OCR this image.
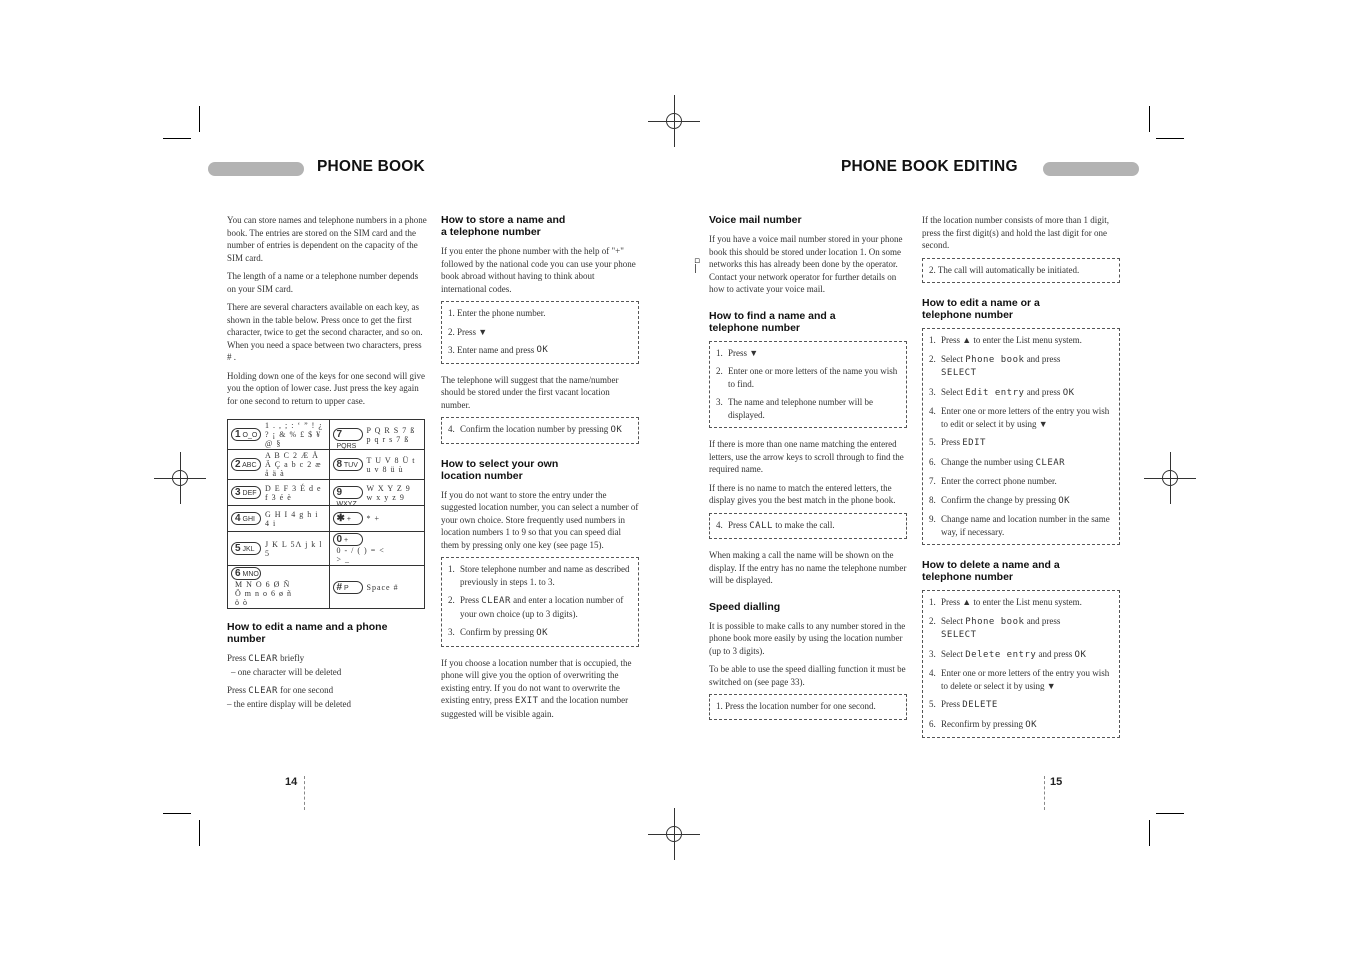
PHONE BOOK	PHONE BOOK EDITING

You can store names and telephone numbers in a phone book. The entries are stored on the SIM card and the number of entries is dependent on the capacity of the SIM card.

The length of a name or a telephone number depends on your SIM card.

There are several characters available on each key, as shown in the table below. Press once to get the first character, twice to get the second character, and so on. When you need a space between two characters, press # .

Holding down one of the keys for one second will give you the option of lower case. Just press the key again for one second to return to upper case.

1 O_O1 . , ; : ‘ ” ! ¿ ? ¡ & % £ $ ¥ @ §	7 PQRSP Q R S 7 ß p q r s 7 ß
2 ABCA B C 2 Æ Å Ä Ç a b c 2 æ å ä à	8 TUVT U V 8 Ü t u v 8 ü ù
3 DEFD E F 3 É d e f 3 é è	9 WXYZW X Y Z 9 w x y z 9
4 GHIG H I 4 g h i 4 i	✱ + * +
5 JKLJ K L 5Λ j k l 5	0 +0 - / ( ) = < > _
6 MNOM N O 6 Ø Ñ Ö m n o 6 ø ñ ö ò	# P Space #
How to edit a name and a phone number
Press CLEAR briefly
– one character will be deleted
Press CLEAR for one second
– the entire display will be deleted
How to store a name and a telephone number

If you enter the phone number with the help of "+" followed by the national code you can use your phone book abroad without having to think about international codes.

1. Enter the phone number.
2. Press ▼
3. Enter name and press
OK

The telephone will suggest that the name/number should be stored under the first vacant location number.

4. Confirm the location number by pressing OK
How to select your own location number

If you do not want to store the entry under the suggested location number, you can select a number of your own choice. Store frequently used numbers in location numbers 1 to 9 so that you can speed dial them by pressing only one key (see page 15).

1. Store telephone number and name as described previously in steps 1. to 3.
2. Press CLEAR and enter a location number of your own choice (up to 3 digits).
3. Confirm by pressing OK

If you choose a location number that is occupied, the phone will give you the option of overwriting the existing entry. If you do not want to overwrite the existing entry, press EXIT and the location number suggested will be visible again.

▫
|
Voice mail number

If you have a voice mail number stored in your phone book this should be stored under location 1. On some networks this has already been done by the operator. Contact your network operator for further details on how to activate your voice mail.

How to find a name and a telephone number
1. Press ▼
2. Enter one or more letters of the name you wish to find.
3. The name and telephone number will be displayed.

If there is more than one name matching the entered letters, use the arrow keys to scroll through to find the required name.

If there is no name to match the entered letters, the display gives you the best match in the phone book.

4. Press CALL to make the call.

When making a call the name will be shown on the display. If the entry has no name the telephone number will be displayed.

Speed dialling

It is possible to make calls to any number stored in the phone book more easily by using the location number (up to 3 digits).

To be able to use the speed dialling function it must be switched on (see page 33).

1. Press the location number for one second.

If the location number consists of more than 1 digit, press the first digit(s) and hold the last digit for one second.

2. The call will automatically be initiated.
How to edit a name or a telephone number
1. Press ▲ to enter the List menu system.
2. Select Phone book and press
SELECT
3. Select Edit entry and press OK
4. Enter one or more letters of the entry you wish to edit or select it by using ▼
5. Press EDIT
6. Change the number using CLEAR
7. Enter the correct phone number.
8. Confirm the change by pressing OK
9. Change name and location number in the same way, if necessary.
How to delete a name and a telephone number
1. Press ▲ to enter the List menu system.
2. Select Phone book and press
SELECT
3. Select Delete entry and press OK
4. Enter one or more letters of the entry you wish to delete or select it by using ▼
5. Press DELETE
6. Reconfirm by pressing OK
14	15
